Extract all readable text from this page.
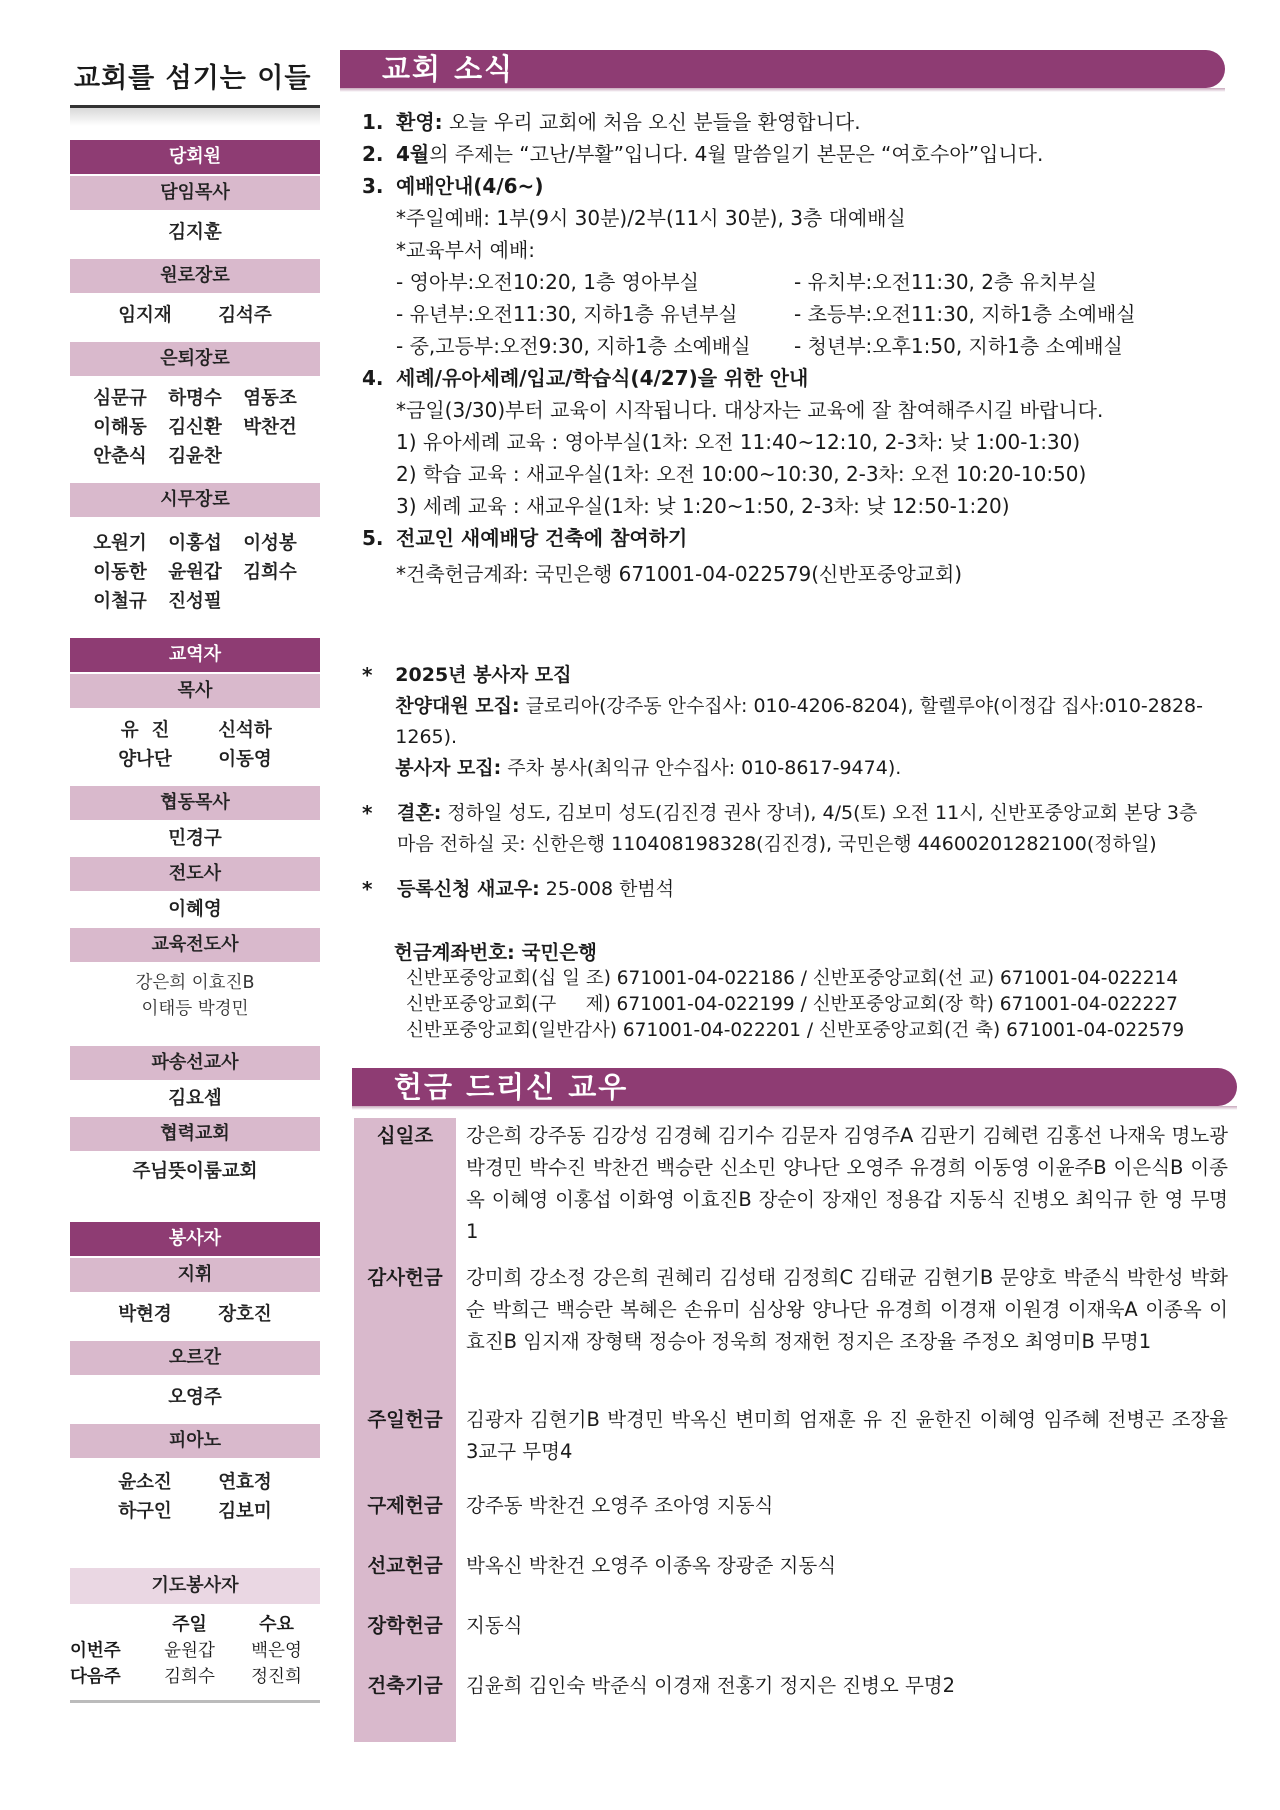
교회를 섬기는 이들
당회원
담임목사
김지훈
원로장로
임지재	김석주
은퇴장로
심문규	하명수	염동조
이해동	김신환	박찬건
안춘식	김윤찬
시무장로
오원기	이홍섭	이성봉
이동한	윤원갑	김희수
이철규	진성필
교역자
목사
유  진	신석하
양나단	이동영
협동목사
민경구
전도사
이혜영
교육전도사
강은희 이효진B
이태등 박경민
파송선교사
김요셉
협력교회
주님뜻이룸교회
봉사자
지휘
박현경	장호진
오르간
오영주
피아노
윤소진	연효정
하구인	김보미
기도봉사자
주일	수요
이번주	윤원갑	백은영
다음주	김희수	정진희
교회 소식
1. 환영: 오늘 우리 교회에 처음 오신 분들을 환영합니다.
2. 4월의 주제는 “고난/부활”입니다. 4월 말씀일기 본문은 “여호수아”입니다.
3. 예배안내(4/6~)
*주일예배: 1부(9시 30분)/2부(11시 30분), 3층 대예배실
*교육부서 예배:
- 영아부:오전10:20, 1층 영아부실	- 유치부:오전11:30, 2층 유치부실
- 유년부:오전11:30, 지하1층 유년부실	- 초등부:오전11:30, 지하1층 소예배실
- 중,고등부:오전9:30, 지하1층 소예배실	- 청년부:오후1:50, 지하1층 소예배실
4. 세례/유아세례/입교/학습식(4/27)을 위한 안내
*금일(3/30)부터 교육이 시작됩니다. 대상자는 교육에 잘 참여해주시길 바랍니다.
1) 유아세례 교육 : 영아부실(1차: 오전 11:40~12:10, 2-3차: 낮 1:00-1:30)
2) 학습 교육 : 새교우실(1차: 오전 10:00~10:30, 2-3차: 오전 10:20-10:50)
3) 세례 교육 : 새교우실(1차: 낮 1:20~1:50, 2-3차: 낮 12:50-1:20)
5. 전교인 새예배당 건축에 참여하기
*건축헌금계좌: 국민은행 671001-04-022579(신반포중앙교회)
*	2025년 봉사자 모집
찬양대원 모집: 글로리아(강주동 안수집사: 010-4206-8204), 할렐루야(이정갑 집사:010-2828-1265).
봉사자 모집: 주차 봉사(최익규 안수집사: 010-8617-9474).
*	결혼: 정하일 성도, 김보미 성도(김진경 권사 장녀), 4/5(토) 오전 11시, 신반포중앙교회 본당 3층
마음 전하실 곳: 신한은행 110408198328(김진경), 국민은행 44600201282100(정하일)
*	등록신청 새교우: 25-008 한범석
헌금계좌번호: 국민은행
신반포중앙교회(십 일 조) 671001-04-022186 / 신반포중앙교회(선 교) 671001-04-022214
신반포중앙교회(구     제) 671001-04-022199 / 신반포중앙교회(장 학) 671001-04-022227
신반포중앙교회(일반감사) 671001-04-022201 / 신반포중앙교회(건 축) 671001-04-022579
헌금 드리신 교우
십일조	강은희 강주동 김강성 김경혜 김기수 김문자 김영주A 김판기 김혜련 김홍선 나재욱 명노광 박경민 박수진 박찬건 백승란 신소민 양나단 오영주 유경희 이동영 이윤주B 이은식B 이종옥 이혜영 이홍섭 이화영 이효진B 장순이 장재인 정용갑 지동식 진병오 최익규 한 영 무명1
감사헌금	강미희 강소정 강은희 권혜리 김성태 김정희C 김태균 김현기B 문양호 박준식 박한성 박화순 박희근 백승란 복혜은 손유미 심상왕 양나단 유경희 이경재 이원경 이재욱A 이종옥 이효진B 임지재 장형택 정승아 정욱희 정재헌 정지은 조장율 주정오 최영미B 무명1
주일헌금	김광자 김현기B 박경민 박옥신 변미희 엄재훈 유 진 윤한진 이혜영 임주혜 전병곤 조장율 3교구 무명4
구제헌금	강주동 박찬건 오영주 조아영 지동식
선교헌금	박옥신 박찬건 오영주 이종옥 장광준 지동식
장학헌금	지동식
건축기금	김윤희 김인숙 박준식 이경재 전홍기 정지은 진병오 무명2
